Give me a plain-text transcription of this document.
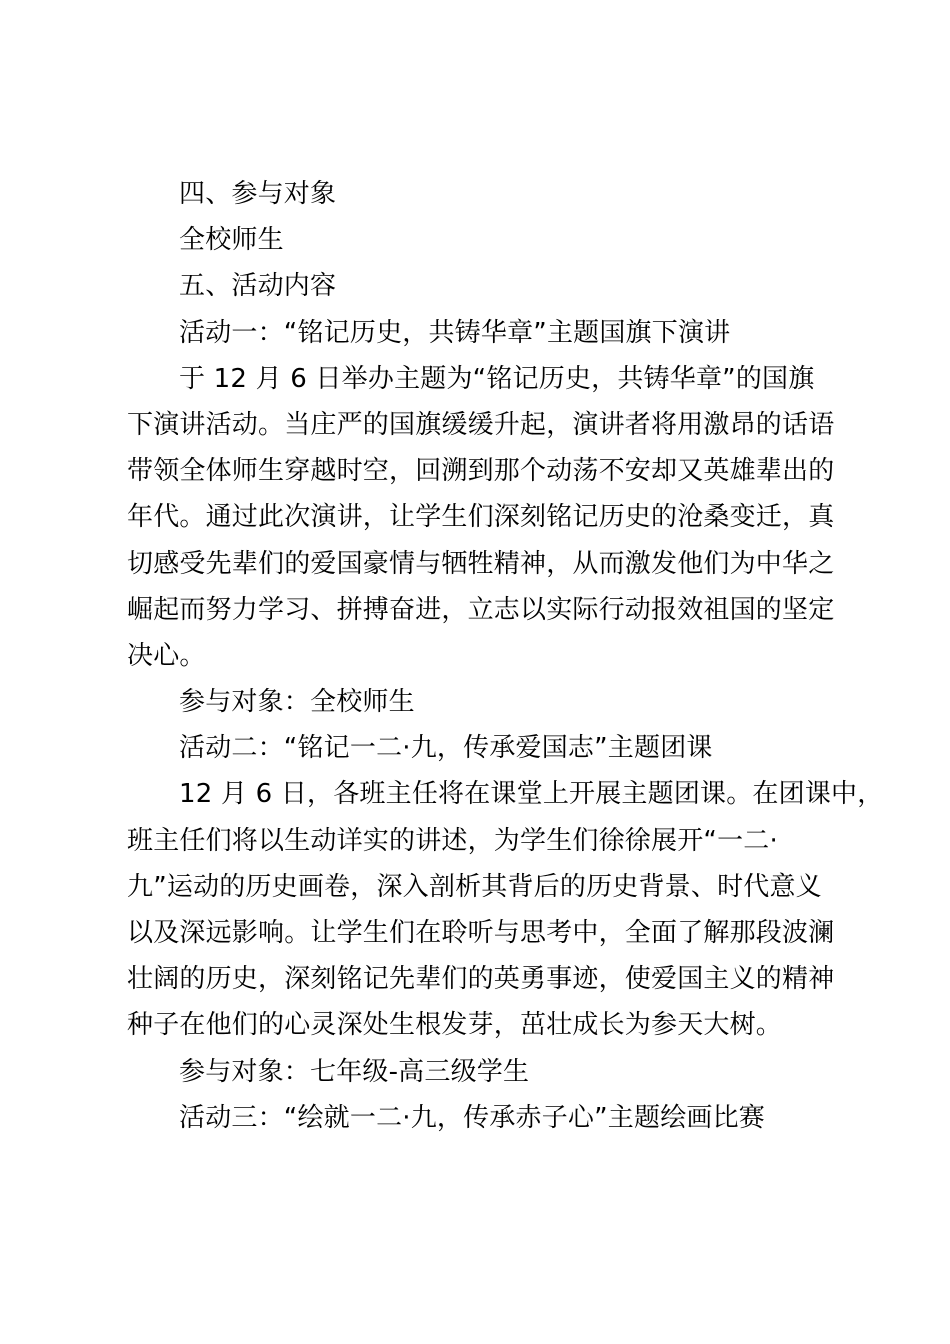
四、参与对象
全校师生
五、活动内容
活动一：“铭记历史，共铸华章”主题国旗下演讲
于 12 月 6 日举办主题为“铭记历史，共铸华章”的国旗
下演讲活动。当庄严的国旗缓缓升起，演讲者将用激昂的话语
带领全体师生穿越时空，回溯到那个动荡不安却又英雄辈出的
年代。通过此次演讲，让学生们深刻铭记历史的沧桑变迁，真
切感受先辈们的爱国豪情与牺牲精神，从而激发他们为中华之
崛起而努力学习、拼搏奋进，立志以实际行动报效祖国的坚定
决心。
参与对象：全校师生
活动二：“铭记一二·九，传承爱国志”主题团课
12 月 6 日，各班主任将在课堂上开展主题团课。在团课中，
班主任们将以生动详实的讲述，为学生们徐徐展开“一二·
九”运动的历史画卷，深入剖析其背后的历史背景、时代意义
以及深远影响。让学生们在聆听与思考中，全面了解那段波澜
壮阔的历史，深刻铭记先辈们的英勇事迹，使爱国主义的精神
种子在他们的心灵深处生根发芽，茁壮成长为参天大树。
参与对象：七年级-高三级学生
活动三：“绘就一二·九，传承赤子心”主题绘画比赛
